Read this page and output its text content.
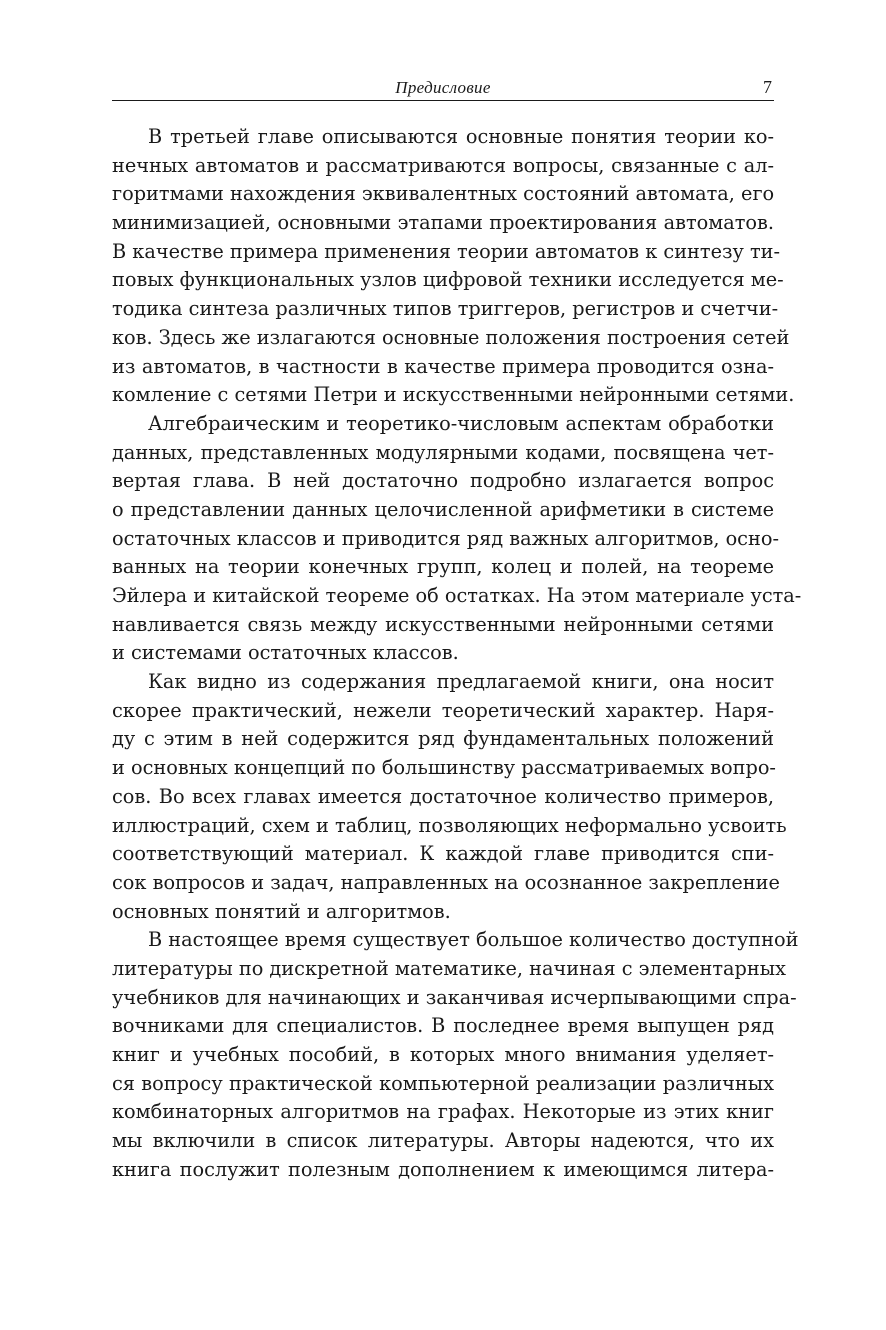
Предисловие	7
В третьей главе описываются основные понятия теории ко-
нечных автоматов и рассматриваются вопросы, связанные с ал-
горитмами нахождения эквивалентных состояний автомата, его
минимизацией, основными этапами проектирования автоматов.
В качестве примера применения теории автоматов к синтезу ти-
повых функциональных узлов цифровой техники исследуется ме-
тодика синтеза различных типов триггеров, регистров и счетчи-
ков. Здесь же излагаются основные положения построения сетей
из автоматов, в частности в качестве примера проводится озна-
комление с сетями Петри и искусственными нейронными сетями.
Алгебраическим и теоретико-числовым аспектам обработки
данных, представленных модулярными кодами, посвящена чет-
вертая глава. В ней достаточно подробно излагается вопрос
о представлении данных целочисленной арифметики в системе
остаточных классов и приводится ряд важных алгоритмов, осно-
ванных на теории конечных групп, колец и полей, на теореме
Эйлера и китайской теореме об остатках. На этом материале уста-
навливается связь между искусственными нейронными сетями
и системами остаточных классов.
Как видно из содержания предлагаемой книги, она носит
скорее практический, нежели теоретический характер. Наря-
ду с этим в ней содержится ряд фундаментальных положений
и основных концепций по большинству рассматриваемых вопро-
сов. Во всех главах имеется достаточное количество примеров,
иллюстраций, схем и таблиц, позволяющих неформально усвоить
соответствующий материал. К каждой главе приводится спи-
сок вопросов и задач, направленных на осознанное закрепление
основных понятий и алгоритмов.
В настоящее время существует большое количество доступной
литературы по дискретной математике, начиная с элементарных
учебников для начинающих и заканчивая исчерпывающими спра-
вочниками для специалистов. В последнее время выпущен ряд
книг и учебных пособий, в которых много внимания уделяет-
ся вопросу практической компьютерной реализации различных
комбинаторных алгоритмов на графах. Некоторые из этих книг
мы включили в список литературы. Авторы надеются, что их
книга послужит полезным дополнением к имеющимся литера-
